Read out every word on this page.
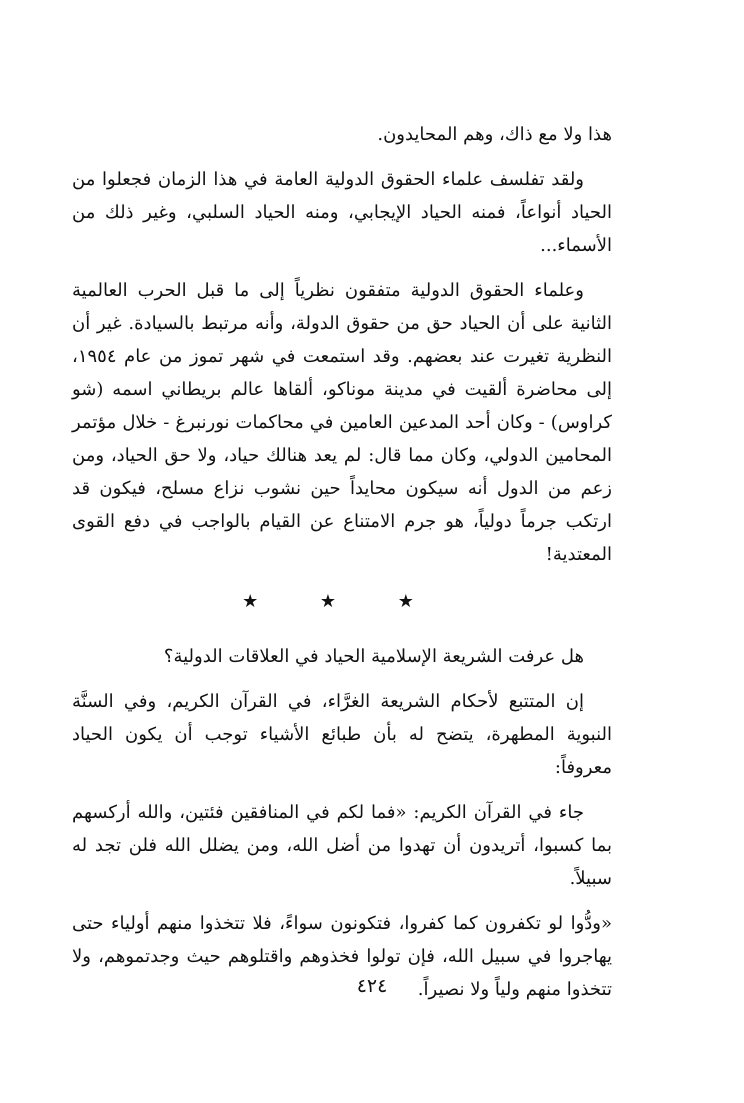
هذا ولا مع ذاك، وهم المحايدون.

ولقد تفلسف علماء الحقوق الدولية العامة في هذا الزمان فجعلوا من الحياد أنواعاً، فمنه الحياد الإيجابي، ومنه الحياد السلبي، وغير ذلك من الأسماء...

وعلماء الحقوق الدولية متفقون نظرياً إلى ما قبل الحرب العالمية الثانية على أن الحياد حق من حقوق الدولة، وأنه مرتبط بالسيادة. غير أن النظرية تغيرت عند بعضهم. وقد استمعت في شهر تموز من عام ١٩٥٤، إلى محاضرة ألقيت في مدينة موناكو، ألقاها عالم بريطاني اسمه (شو كراوس) - وكان أحد المدعين العامين في محاكمات نورنبرغ - خلال مؤتمر المحامين الدولي، وكان مما قال: لم يعد هنالك حياد، ولا حق الحياد، ومن زعم من الدول أنه سيكون محايداً حين نشوب نزاع مسلح، فيكون قد ارتكب جرماً دولياً، هو جرم الامتناع عن القيام بالواجب في دفع القوى المعتدية!

★ ★ ★

هل عرفت الشريعة الإسلامية الحياد في العلاقات الدولية؟

إن المتتبع لأحكام الشريعة الغرَّاء، في القرآن الكريم، وفي السنَّة النبوية المطهرة، يتضح له بأن طبائع الأشياء توجب أن يكون الحياد معروفاً:

جاء في القرآن الكريم: «فما لكم في المنافقين فئتين، والله أركسهم بما كسبوا، أتريدون أن تهدوا من أضل الله، ومن يضلل الله فلن تجد له سبيلاً.

«ودُّوا لو تكفرون كما كفروا، فتكونون سواءً، فلا تتخذوا منهم أولياء حتى يهاجروا في سبيل الله، فإن تولوا فخذوهم واقتلوهم حيث وجدتموهم، ولا تتخذوا منهم ولياً ولا نصيراً.

٤٢٤
